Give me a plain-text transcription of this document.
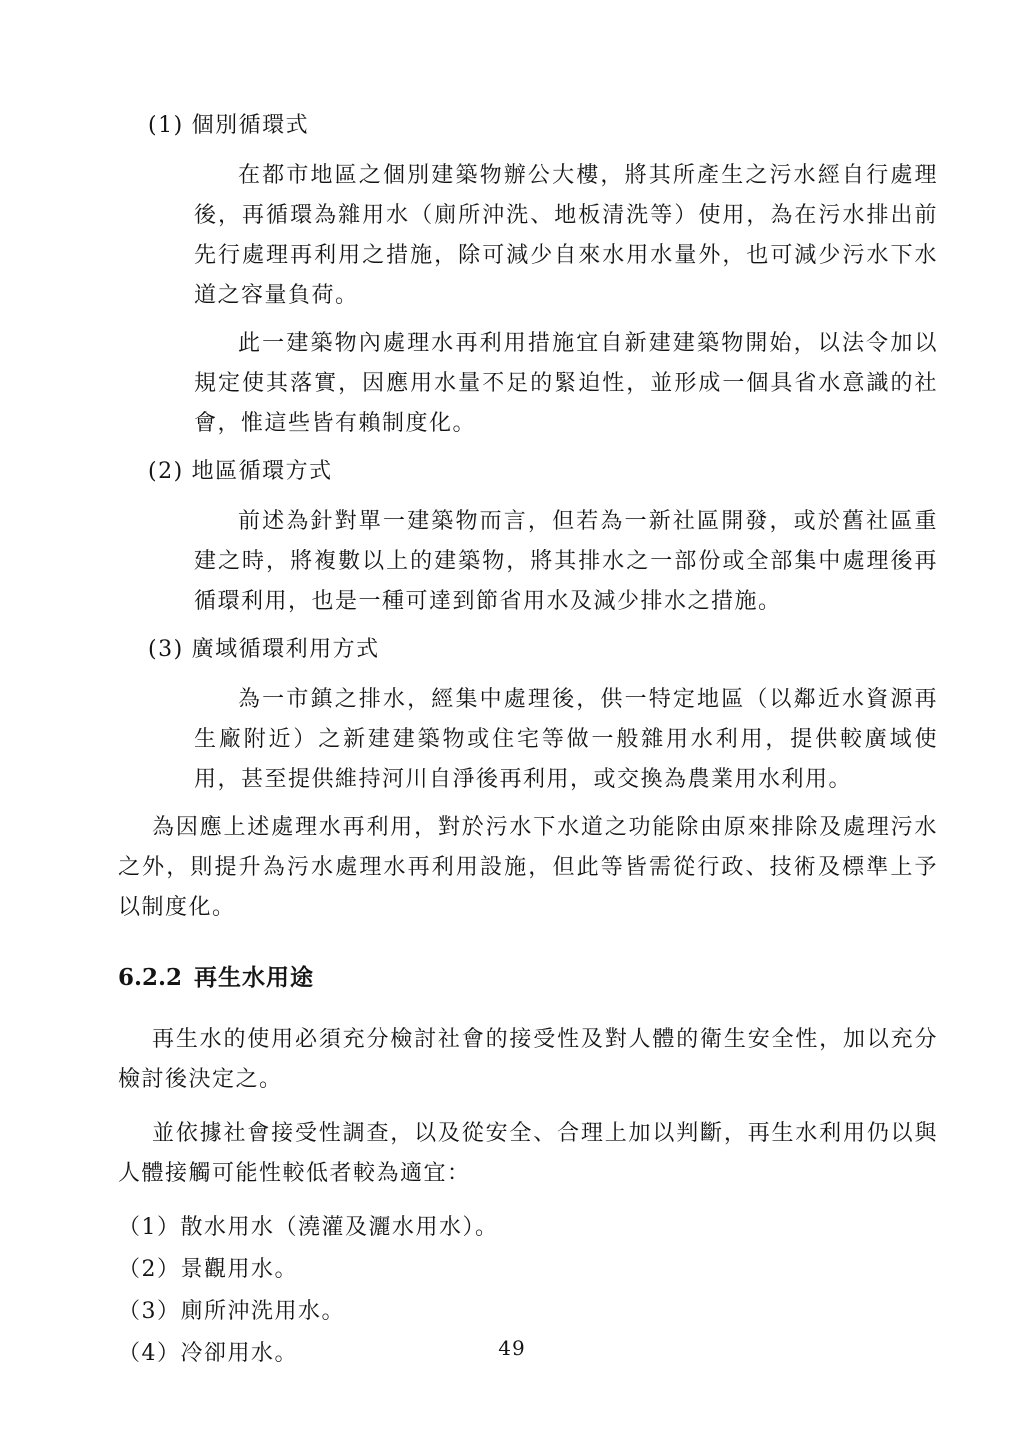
(1) 個別循環式

在都市地區之個別建築物辦公大樓，將其所產生之污水經自行處理後，再循環為雜用水（廁所沖洗、地板清洗等）使用，為在污水排出前先行處理再利用之措施，除可減少自來水用水量外，也可減少污水下水道之容量負荷。

此一建築物內處理水再利用措施宜自新建建築物開始，以法令加以規定使其落實，因應用水量不足的緊迫性，並形成一個具省水意識的社會，惟這些皆有賴制度化。

(2) 地區循環方式

前述為針對單一建築物而言，但若為一新社區開發，或於舊社區重建之時，將複數以上的建築物，將其排水之一部份或全部集中處理後再循環利用，也是一種可達到節省用水及減少排水之措施。

(3) 廣域循環利用方式

為一市鎮之排水，經集中處理後，供一特定地區（以鄰近水資源再生廠附近）之新建建築物或住宅等做一般雜用水利用，提供較廣域使用，甚至提供維持河川自淨後再利用，或交換為農業用水利用。

為因應上述處理水再利用，對於污水下水道之功能除由原來排除及處理污水之外，則提升為污水處理水再利用設施，但此等皆需從行政、技術及標準上予以制度化。

6.2.2 再生水用途

再生水的使用必須充分檢討社會的接受性及對人體的衛生安全性，加以充分檢討後決定之。

並依據社會接受性調查，以及從安全、合理上加以判斷，再生水利用仍以與人體接觸可能性較低者較為適宜：

（1）散水用水（澆灌及灑水用水）。
（2）景觀用水。
（3）廁所沖洗用水。
（4）冷卻用水。	49
